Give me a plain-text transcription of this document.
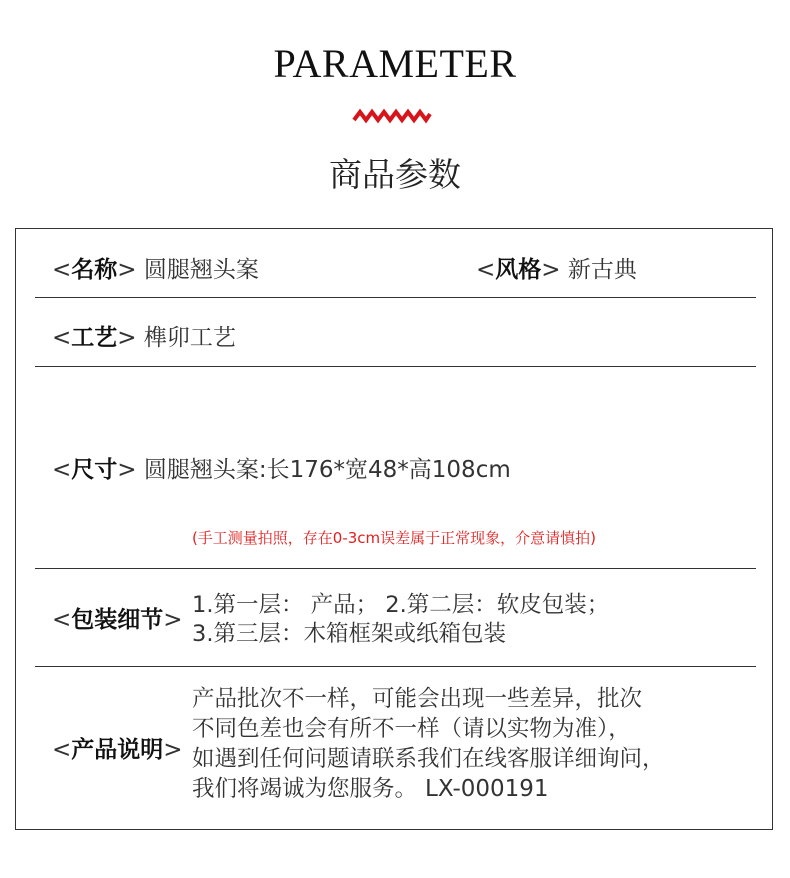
PARAMETER
商品参数
<名称> 圆腿翘头案	<风格> 新古典
<工艺> 榫卯工艺
<尺寸> 圆腿翘头案:长176*宽48*高108cm
(手工测量拍照，存在0-3cm误差属于正常现象，介意请慎拍)
<包装细节>
1.第一层： 产品； 2.第二层：软皮包装；
3.第三层：木箱框架或纸箱包装
<产品说明>
产品批次不一样，可能会出现一些差异，批次
不同色差也会有所不一样（请以实物为准），
如遇到任何问题请联系我们在线客服详细询问，
我们将竭诚为您服务。 LX-000191
